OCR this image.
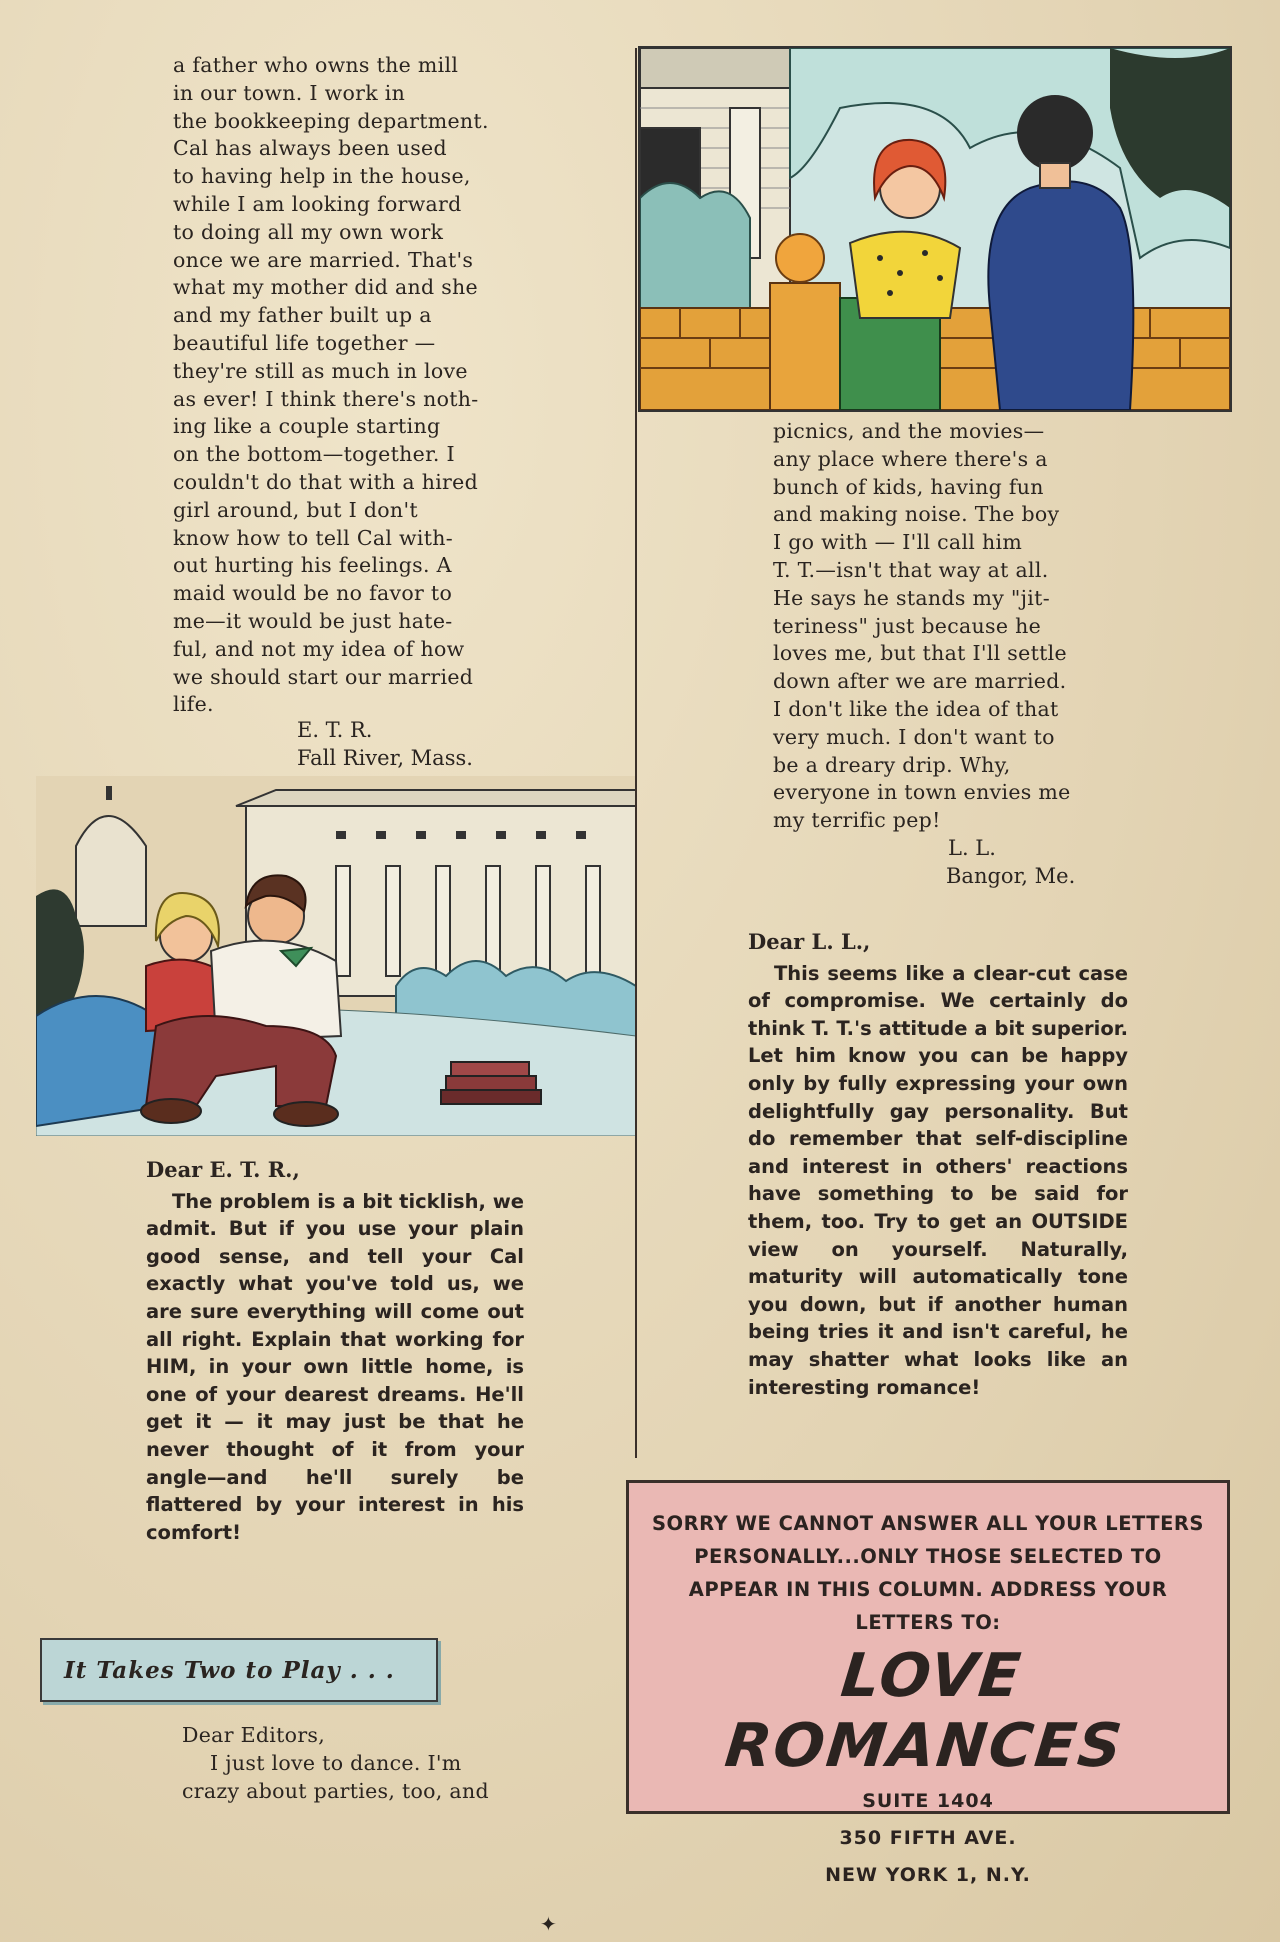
a father who owns the mill

in our town. I work in

the bookkeeping department.

Cal has always been used

to having help in the house,

while I am looking forward

to doing all my own work

once we are married. That's

what my mother did and she

and my father built up a

beautiful life together —

they're still as much in love

as ever! I think there's noth-

ing like a couple starting

on the bottom—together. I

couldn't do that with a hired

girl around, but I don't

know how to tell Cal with-

out hurting his feelings. A

maid would be no favor to

me—it would be just hate-

ful, and not my idea of how

we should start our married

life.

E. T. R.
Fall River, Mass.
Dear E. T. R.,
The problem is a bit ticklish, we admit. But if you use your plain good sense, and tell your Cal exactly what you've told us, we are sure everything will come out all right. Explain that working for HIM, in your own little home, is one of your dearest dreams. He'll get it — it may just be that he never thought of it from your angle—and he'll surely be flattered by your interest in his comfort!
It Takes Two to Play . . .

Dear Editors,

I just love to dance. I'm

crazy about parties, too, and

picnics, and the movies—

any place where there's a

bunch of kids, having fun

and making noise. The boy

I go with — I'll call him

T. T.—isn't that way at all.

He says he stands my "jit-

teriness" just because he

loves me, but that I'll settle

down after we are married.

I don't like the idea of that

very much. I don't want to

be a dreary drip. Why,

everyone in town envies me

my terrific pep!

L. L.
Bangor, Me.
Dear L. L.,
This seems like a clear-cut case of compromise. We certainly do think T. T.'s attitude a bit superior. Let him know you can be happy only by fully expressing your own delightfully gay personality. But do remember that self-discipline and interest in others' reactions have something to be said for them, too. Try to get an OUTSIDE view on yourself. Naturally, maturity will automatically tone you down, but if another human being tries it and isn't careful, he may shatter what looks like an interesting romance!
SORRY WE CANNOT ANSWER ALL YOUR LETTERS
PERSONALLY...ONLY THOSE SELECTED TO
APPEAR IN THIS COLUMN. ADDRESS YOUR
LETTERS TO:
LOVE ROMANCES
SUITE 1404
350 FIFTH AVE.
NEW YORK 1, N.Y.
✦
